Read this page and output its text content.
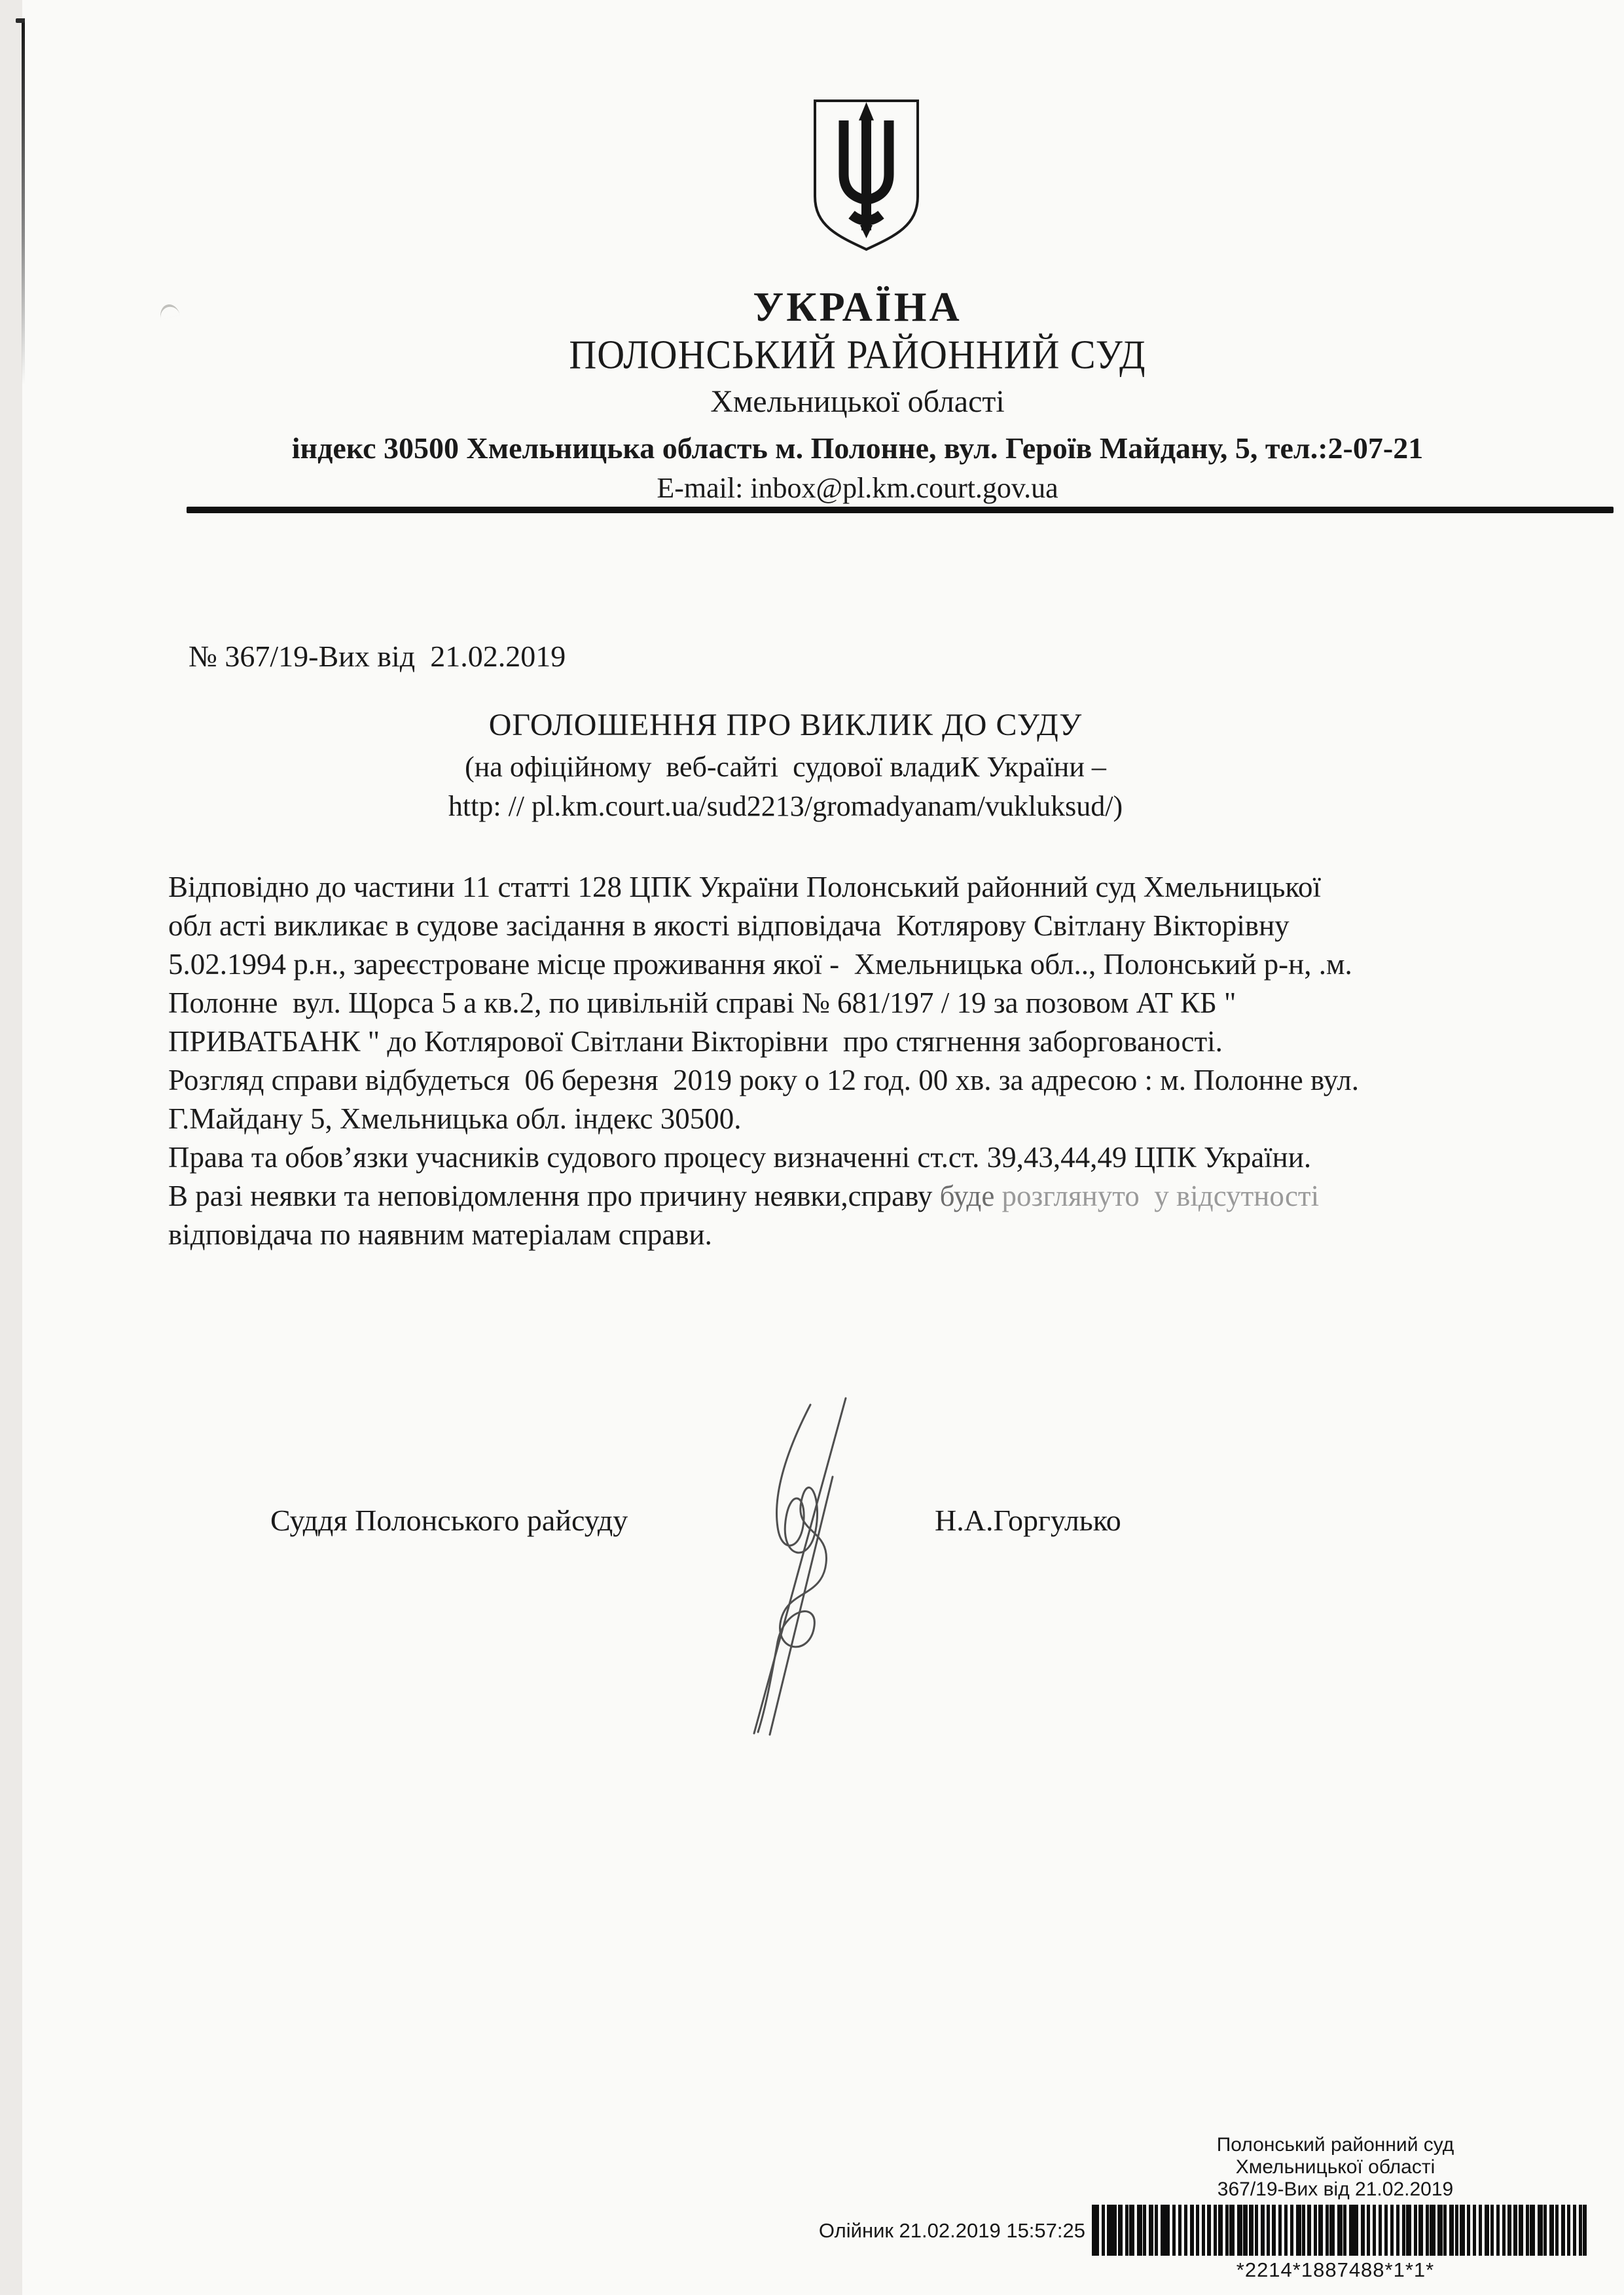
УКРАЇНА
ПОЛОНСЬКИЙ РАЙОННИЙ СУД
Хмельницької області
індекс 30500 Хмельницька область м. Полонне, вул. Героїв Майдану, 5, тел.:2-07-21
E-mail: inbox@pl.km.court.gov.ua
№ 367/19-Вих від  21.02.2019
ОГОЛОШЕННЯ ПРО ВИКЛИК ДО СУДУ
(на офіційному  веб-сайті  судової владиК України –
http: // pl.km.court.ua/sud2213/gromadyanam/vukluksud/)
Відповідно до частини 11 статті 128 ЦПК України Полонський районний суд Хмельницької
обл асті викликає в судове засідання в якості відповідача  Котлярову Світлану Вікторівну
5.02.1994 р.н., зареєстроване місце проживання якої -  Хмельницька обл.., Полонський р-н, .м.
Полонне  вул. Щорса 5 а кв.2, по цивільній справі № 681/197 / 19 за позовом АТ КБ "
ПРИВАТБАНК " до Котлярової Світлани Вікторівни  про стягнення заборгованості.
Розгляд справи відбудеться  06 березня  2019 року о 12 год. 00 хв. за адресою : м. Полонне вул.
Г.Майдану 5, Хмельницька обл. індекс 30500.
Права та обов’язки учасників судового процесу визначенні ст.ст. 39,43,44,49 ЦПК України.
В разі неявки та неповідомлення про причину неявки,справу буде розглянуто  у відсутності
відповідача по наявним матеріалам справи.
Суддя Полонського райсуду	Н.А.Горгулько
Полонський районний суд
Хмельницької області
367/19-Вих від 21.02.2019
*2214*1887488*1*1*
Олійник 21.02.2019 15:57:25
